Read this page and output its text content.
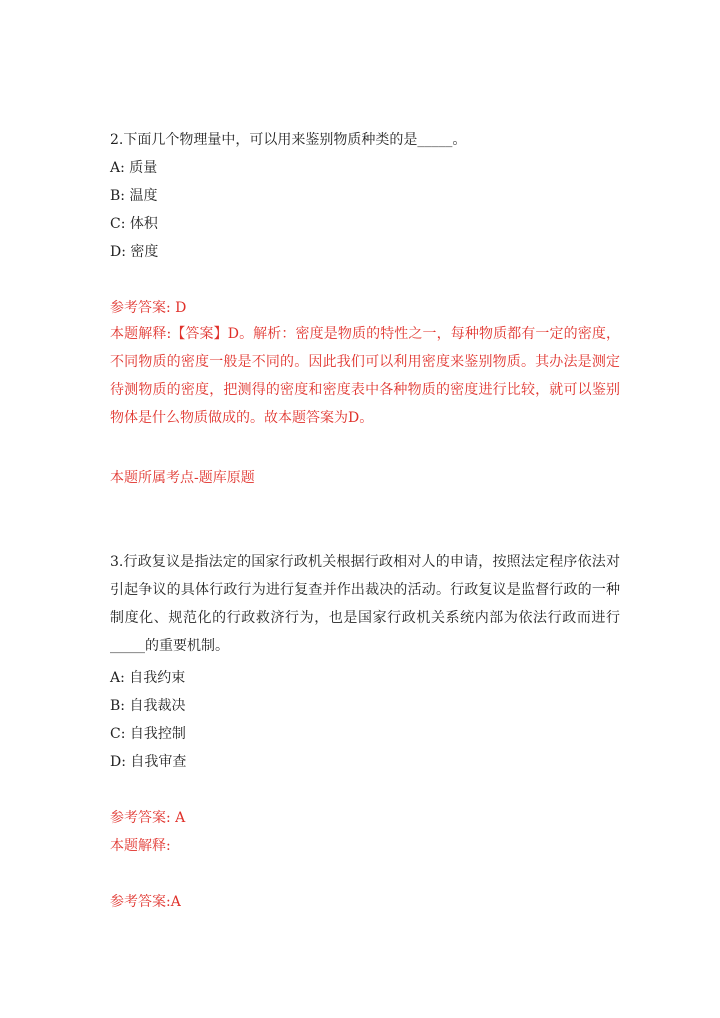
2.下面几个物理量中，可以用来鉴别物质种类的是_____。
A: 质量
B: 温度
C: 体积
D: 密度
参考答案: D
本题解释:【答案】D。解析：密度是物质的特性之一，每种物质都有一定的密度，不同物质的密度一般是不同的。因此我们可以利用密度来鉴别物质。其办法是测定待测物质的密度，把测得的密度和密度表中各种物质的密度进行比较，就可以鉴别物体是什么物质做成的。故本题答案为D。
本题所属考点-题库原题
3.行政复议是指法定的国家行政机关根据行政相对人的申请，按照法定程序依法对引起争议的具体行政行为进行复查并作出裁决的活动。行政复议是监督行政的一种制度化、规范化的行政救济行为，也是国家行政机关系统内部为依法行政而进行_____的重要机制。
A: 自我约束
B: 自我裁决
C: 自我控制
D: 自我审查
参考答案: A
本题解释:
参考答案:A
